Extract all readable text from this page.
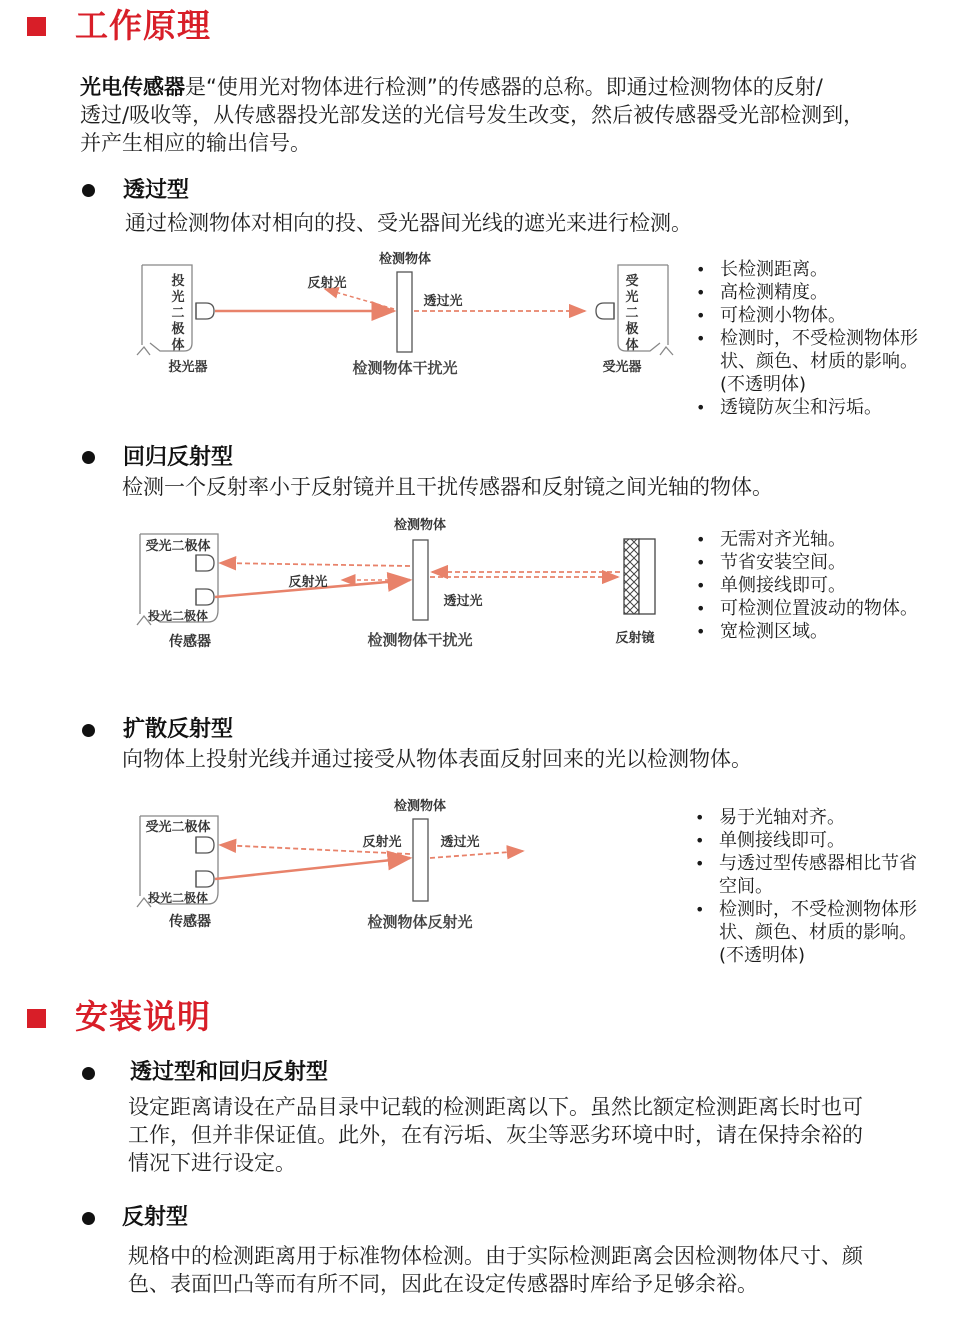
工作原理
光电传感器是“使用光对物体进行检测”的传感器的总称。即通过检测物体的反射/
透过/吸收等，从传感器投光部发送的光信号发生改变，然后被传感器受光部检测到，
并产生相应的输出信号。
透过型
通过检测物体对相向的投、受光器间光线的遮光来进行检测。
投
光
二
极
体
投光器
反射光
检测物体
透过光
检测物体干扰光
受
光
二
极
体
受光器
• 长检测距离。
• 高检测精度。
• 可检测小物体。
• 检测时，不受检测物体形
状、颜色、材质的影响。
(不透明体)
• 透镜防灰尘和污垢。
回归反射型
检测一个反射率小于反射镜并且干扰传感器和反射镜之间光轴的物体。
受光二极体
投光二极体
传感器
反射光
检测物体
透过光
反射镜
检测物体干扰光
• 无需对齐光轴。
• 节省安装空间。
• 单侧接线即可。
• 可检测位置波动的物体。
• 宽检测区域。
扩散反射型
向物体上投射光线并通过接受从物体表面反射回来的光以检测物体。
受光二极体
投光二极体
传感器
反射光
检测物体
透过光
检测物体反射光
• 易于光轴对齐。
• 单侧接线即可。
• 与透过型传感器相比节省
空间。
• 检测时，不受检测物体形
状、颜色、材质的影响。
(不透明体)
安装说明
透过型和回归反射型
设定距离请设在产品目录中记载的检测距离以下。虽然比额定检测距离长时也可
工作，但并非保证值。此外，在有污垢、灰尘等恶劣环境中时，请在保持余裕的
情况下进行设定。
反射型
规格中的检测距离用于标准物体检测。由于实际检测距离会因检测物体尺寸、颜
色、表面凹凸等而有所不同，因此在设定传感器时库给予足够余裕。
